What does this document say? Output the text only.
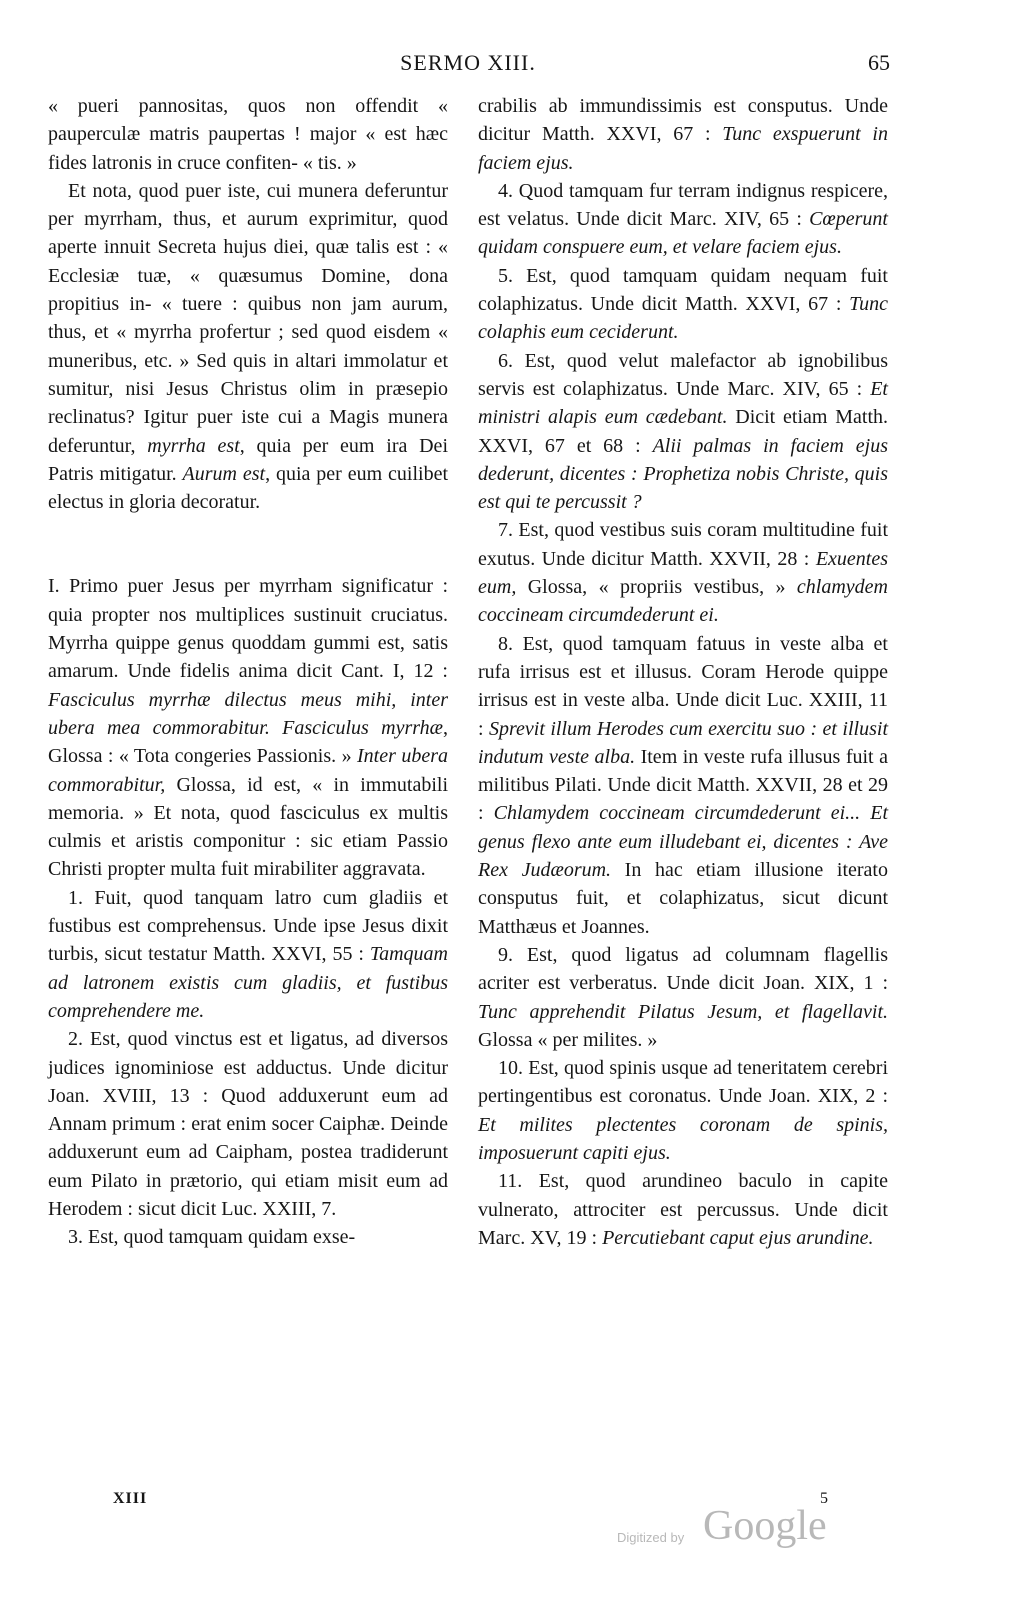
SERMO XIII.	65

« pueri pannositas, quos non offendit « pauperculæ matris paupertas ! major « est hæc fides latronis in cruce confiten- « tis. »

Et nota, quod puer iste, cui munera deferuntur per myrrham, thus, et aurum exprimitur, quod aperte innuit Secreta hujus diei, quæ talis est : « Ecclesiæ tuæ, « quæsumus Domine, dona propitius in- « tuere : quibus non jam aurum, thus, et « myrrha profertur ; sed quod eisdem « muneribus, etc. » Sed quis in altari immolatur et sumitur, nisi Jesus Christus olim in præsepio reclinatus? Igitur puer iste cui a Magis munera deferuntur, myrrha est, quia per eum ira Dei Patris mitigatur. Aurum est, quia per eum cuilibet electus in gloria decoratur.

I. Primo puer Jesus per myrrham significatur : quia propter nos multiplices sustinuit cruciatus. Myrrha quippe genus quoddam gummi est, satis amarum. Unde fidelis anima dicit Cant. I, 12 : Fasciculus myrrhæ dilectus meus mihi, inter ubera mea commorabitur. Fasciculus myrrhæ, Glossa : « Tota congeries Passionis. » Inter ubera commorabitur, Glossa, id est, « in immutabili memoria. » Et nota, quod fasciculus ex multis culmis et aristis componitur : sic etiam Passio Christi propter multa fuit mirabiliter aggravata.

1. Fuit, quod tanquam latro cum gladiis et fustibus est comprehensus. Unde ipse Jesus dixit turbis, sicut testatur Matth. XXVI, 55 : Tamquam ad latronem existis cum gladiis, et fustibus comprehendere me.

2. Est, quod vinctus est et ligatus, ad diversos judices ignominiose est adductus. Unde dicitur Joan. XVIII, 13 : Quod adduxerunt eum ad Annam primum : erat enim socer Caiphæ. Deinde adduxerunt eum ad Caipham, postea tradiderunt eum Pilato in prætorio, qui etiam misit eum ad Herodem : sicut dicit Luc. XXIII, 7.

3. Est, quod tamquam quidam exse-

crabilis ab immundissimis est consputus. Unde dicitur Matth. XXVI, 67 : Tunc exspuerunt in faciem ejus.

4. Quod tamquam fur terram indignus respicere, est velatus. Unde dicit Marc. XIV, 65 : Cœperunt quidam conspuere eum, et velare faciem ejus.

5. Est, quod tamquam quidam nequam fuit colaphizatus. Unde dicit Matth. XXVI, 67 : Tunc colaphis eum ceciderunt.

6. Est, quod velut malefactor ab ignobilibus servis est colaphizatus. Unde Marc. XIV, 65 : Et ministri alapis eum cædebant. Dicit etiam Matth. XXVI, 67 et 68 : Alii palmas in faciem ejus dederunt, dicentes : Prophetiza nobis Christe, quis est qui te percussit ?

7. Est, quod vestibus suis coram multitudine fuit exutus. Unde dicitur Matth. XXVII, 28 : Exuentes eum, Glossa, « propriis vestibus, » chlamydem coccineam circumdederunt ei.

8. Est, quod tamquam fatuus in veste alba et rufa irrisus est et illusus. Coram Herode quippe irrisus est in veste alba. Unde dicit Luc. XXIII, 11 : Sprevit illum Herodes cum exercitu suo : et illusit indutum veste alba. Item in veste rufa illusus fuit a militibus Pilati. Unde dicit Matth. XXVII, 28 et 29 : Chlamydem coccineam circumdederunt ei... Et genus flexo ante eum illudebant ei, dicentes : Ave Rex Judæorum. In hac etiam illusione iterato consputus fuit, et colaphizatus, sicut dicunt Matthæus et Joannes.

9. Est, quod ligatus ad columnam flagellis acriter est verberatus. Unde dicit Joan. XIX, 1 : Tunc apprehendit Pilatus Jesum, et flagellavit. Glossa « per milites. »

10. Est, quod spinis usque ad teneritatem cerebri pertingentibus est coronatus. Unde Joan. XIX, 2 : Et milites plectentes coronam de spinis, imposuerunt capiti ejus.

11. Est, quod arundineo baculo in capite vulnerato, attrociter est percussus. Unde dicit Marc. XV, 19 : Percutiebant caput ejus arundine.

XIII	5
Digitized by Google
